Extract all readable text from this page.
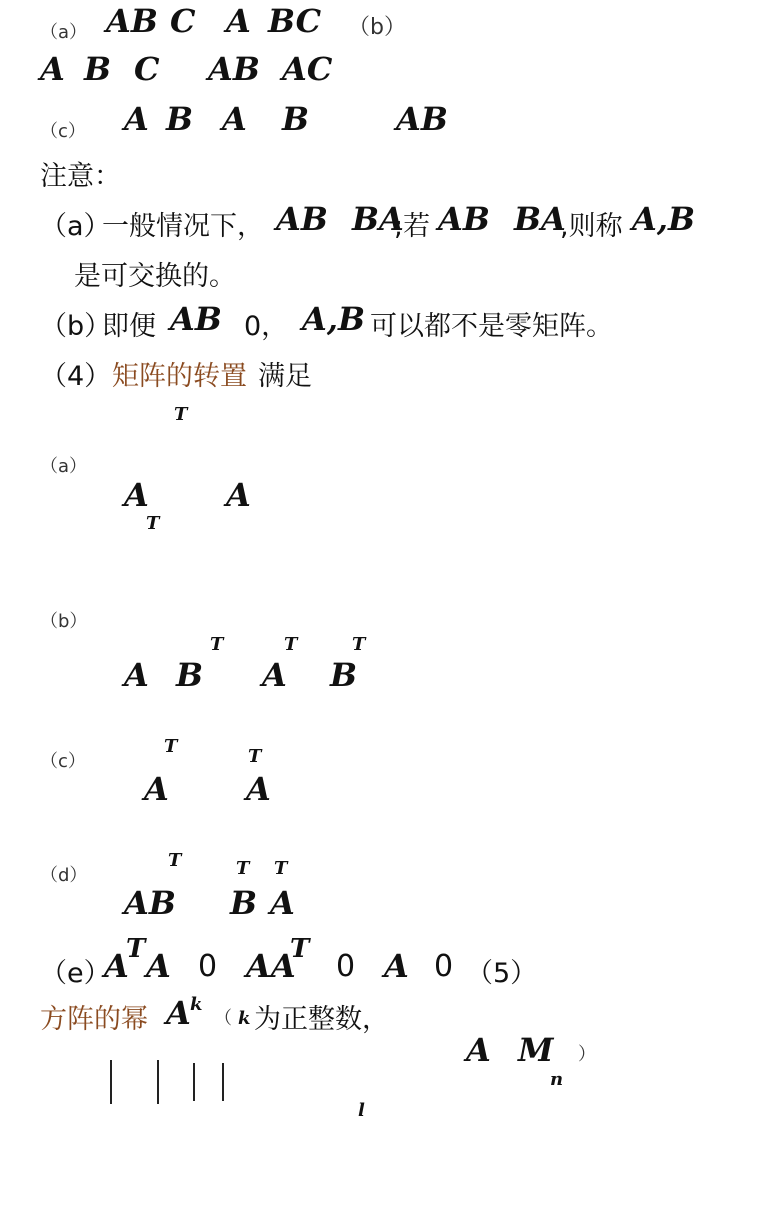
（a） AB C A BC （b）
A B C AB AC
（c） A B A B	AB
注意：
（a）
一般情况下， AB BA
;若 AB BA
,则称 A,B
是可交换的。
（b）
即便 AB 0， A,B 可以都不是零矩阵。
（4） 矩阵的转置 满足
T
（a）
A A
T
（b）
T	T	T
A B A B
（c）
T	T
A A
（d）
T	T T
AB B A
（e）
A
T A 0 AA
T 0 A 0 （5）
方阵的幂 A k
（ k 为正整数，
A M
n
）
l
